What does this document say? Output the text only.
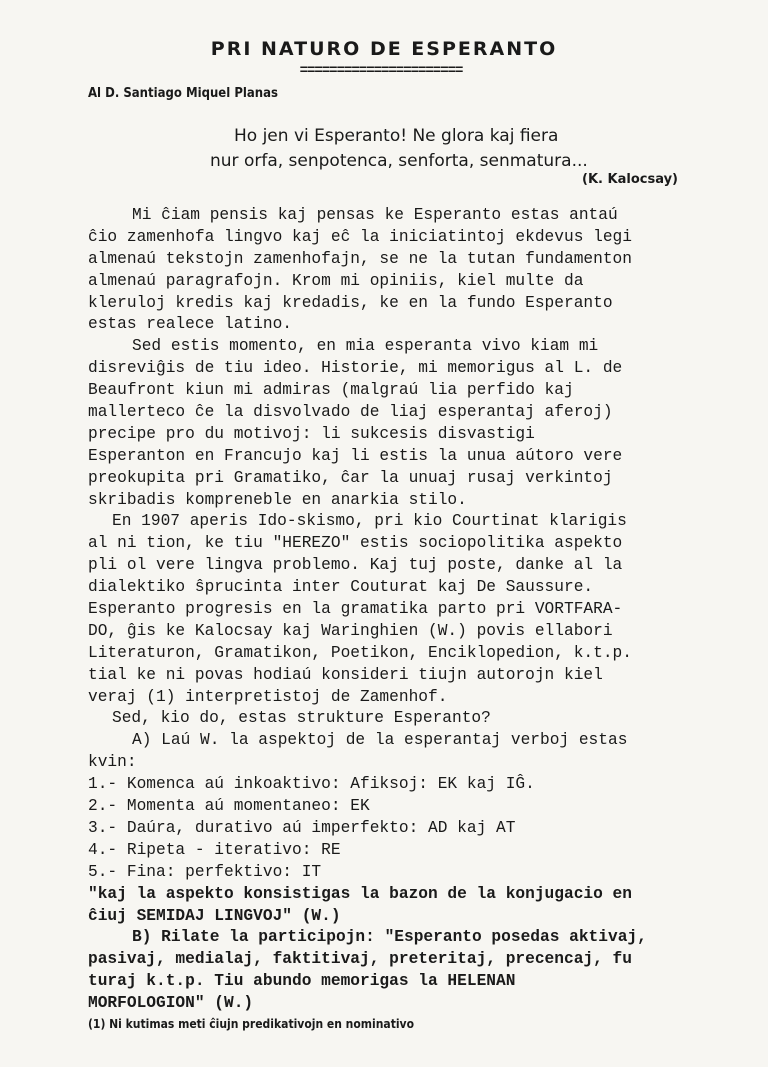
PRI NATURO DE ESPERANTO
======================
Al D. Santiago Miquel Planas
Ho jen vi Esperanto! Ne glora kaj fiera
nur orfa, senpotenca, senforta, senmatura...
(K. Kalocsay)
Mi ĉiam pensis kaj pensas ke Esperanto estas antaú
ĉio zamenhofa lingvo kaj eĉ la iniciatintoj ekdevus legi
almenaú tekstojn zamenhofajn, se ne la tutan fundamenton
almenaú paragrafojn. Krom mi opiniis, kiel multe da
kleruloj kredis kaj kredadis, ke en la fundo Esperanto
estas realece latino.
Sed estis momento, en mia esperanta vivo kiam mi
disreviĝis de tiu ideo. Historie, mi memorigus al L. de
Beaufront kiun mi admiras (malgraú lia perfido kaj
mallerteco ĉe la disvolvado de liaj esperantaj aferoj)
precipe pro du motivoj: li sukcesis disvastigi
Esperanton en Francujo kaj li estis la unua aútoro vere
preokupita pri Gramatiko, ĉar la unuaj rusaj verkintoj
skribadis kompreneble en anarkia stilo.
En 1907 aperis Ido-skismo, pri kio Courtinat klarigis
al ni tion, ke tiu "HEREZO" estis sociopolitika aspekto
pli ol vere lingva problemo. Kaj tuj poste, danke al la
dialektiko ŝprucinta inter Couturat kaj De Saussure.
Esperanto progresis en la gramatika parto pri VORTFARA-
DO, ĝis ke Kalocsay kaj Waringhien (W.) povis ellabori
Literaturon, Gramatikon, Poetikon, Enciklopedion, k.t.p.
tial ke ni povas hodiaú konsideri tiujn autorojn kiel
veraj (1) interpretistoj de Zamenhof.
Sed, kio do, estas strukture Esperanto?
A) Laú W. la aspektoj de la esperantaj verboj estas
kvin:
1.- Komenca aú inkoaktivo: Afiksoj: EK kaj IĜ.
2.- Momenta aú momentaneo: EK
3.- Daúra, durativo aú imperfekto: AD kaj AT
4.- Ripeta - iterativo: RE
5.- Fina: perfektivo: IT
"kaj la aspekto konsistigas la bazon de la konjugacio en
ĉiuj SEMIDAJ LINGVOJ" (W.)
B) Rilate la participojn: "Esperanto posedas aktivaj,
pasivaj, medialaj, faktitivaj, preteritaj, precencaj, fu
turaj k.t.p. Tiu abundo memorigas la HELENAN
MORFOLOGION" (W.)
(1) Ni kutimas meti ĉiujn predikativojn en nominativo
